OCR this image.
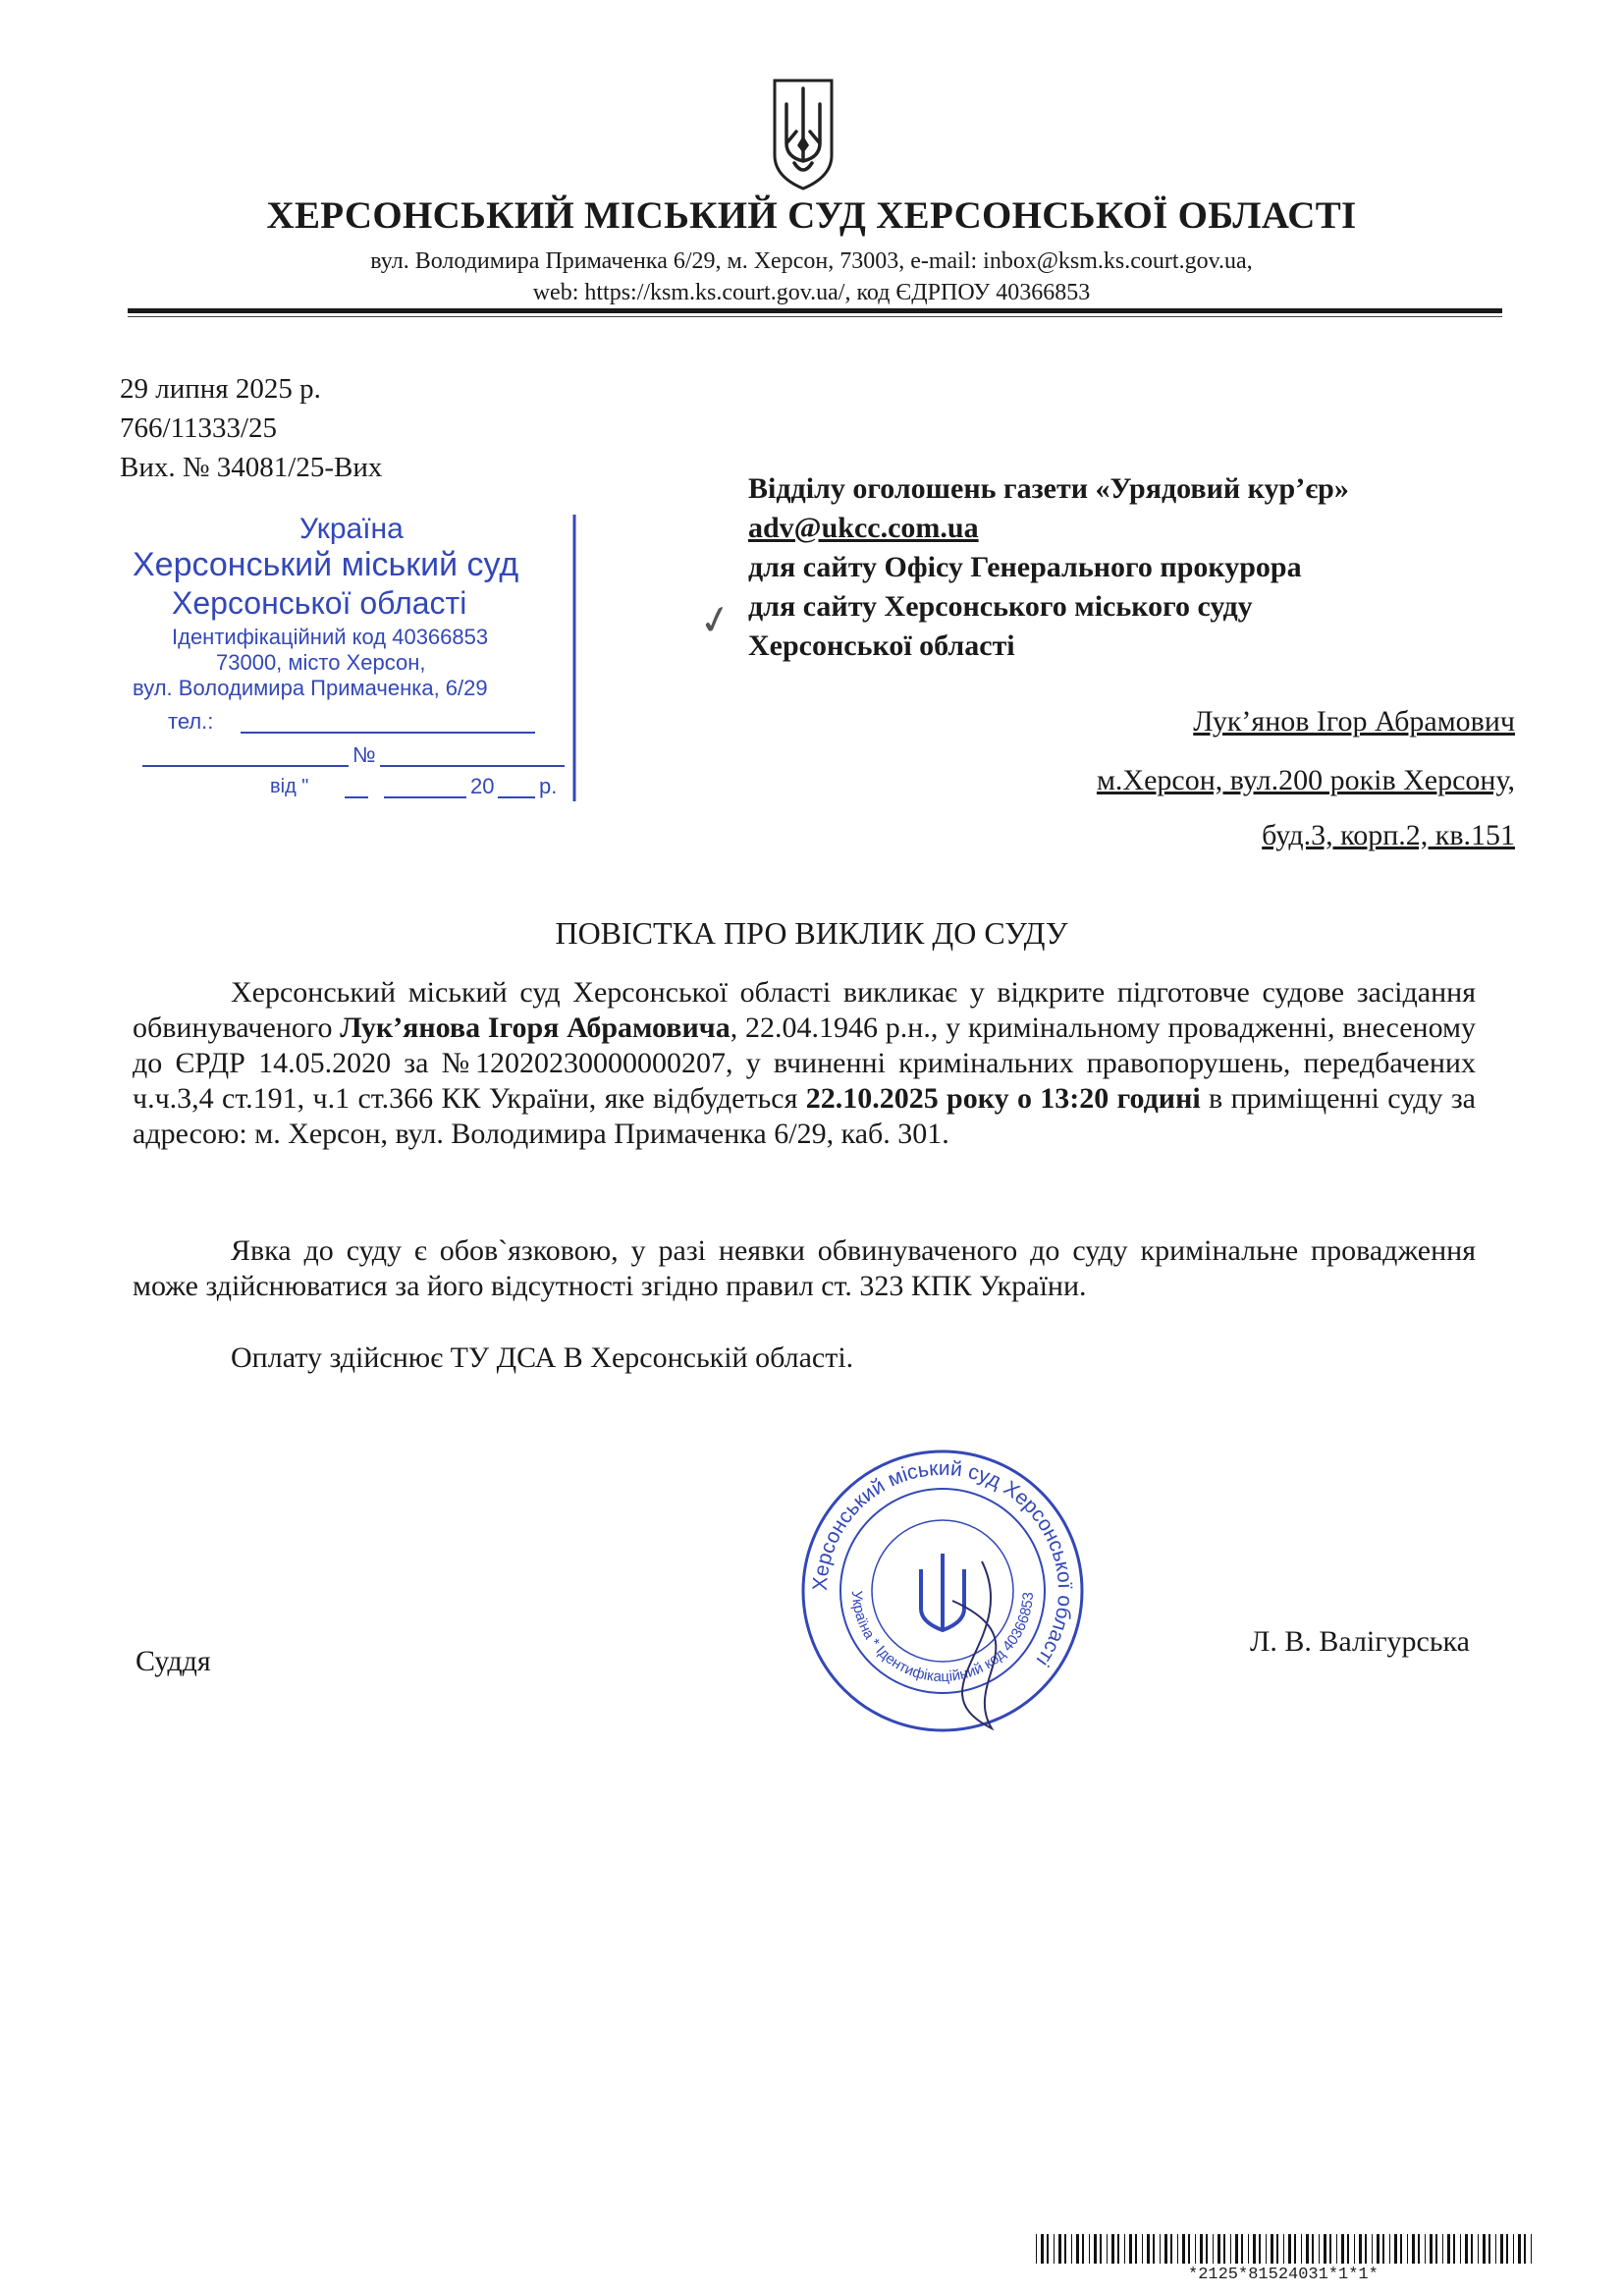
ХЕРСОНСЬКИЙ МІСЬКИЙ СУД ХЕРСОНСЬКОЇ ОБЛАСТІ
вул. Володимира Примаченка 6/29, м. Херсон, 73003, e-mail: inbox@ksm.ks.court.gov.ua,
web: https://ksm.ks.court.gov.ua/, код ЄДРПОУ 40366853
29 липня 2025 р.
766/11333/25
Вих. № 34081/25-Вих
Україна
Херсонський міський суд
Херсонської області
Ідентифікаційний код 40366853
73000, місто Херсон,
вул. Володимира Примаченка, 6/29
тел.:
№
від "	20 р.
✓
Відділу оголошень газети «Урядовий кур’єр»
adv@ukcc.com.ua
для сайту Офісу Генерального прокурора
для сайту Херсонського міського суду
Херсонської області
Лук’янов Ігор Абрамович
м.Херсон, вул.200 років Херсону,
буд.3, корп.2, кв.151
ПОВІСТКА ПРО ВИКЛИК ДО СУДУ
Херсонський міський суд Херсонської області викликає у відкрите підготовче судове засідання обвинуваченого Лук’янова Ігоря Абрамовича, 22.04.1946 р.н., у кримінальному провадженні, внесеному до ЄРДР 14.05.2020 за №12020230000000207, у вчиненні кримінальних правопорушень, передбачених ч.ч.3,4 ст.191, ч.1 ст.366 КК України, яке відбудеться 22.10.2025 року о 13:20 годині в приміщенні суду за адресою: м. Херсон, вул. Володимира Примаченка 6/29, каб. 301.
Явка до суду є обов`язковою, у разі неявки обвинуваченого до суду кримінальне провадження може здійснюватися за його відсутності згідно правил ст. 323 КПК України.
Оплату здійснює ТУ ДСА В Херсонській області.
Херсонський міський суд Херсонської області
Україна * Ідентифікаційний код 40366853
Суддя
Л. В. Валігурська
*2125*81524031*1*1*
